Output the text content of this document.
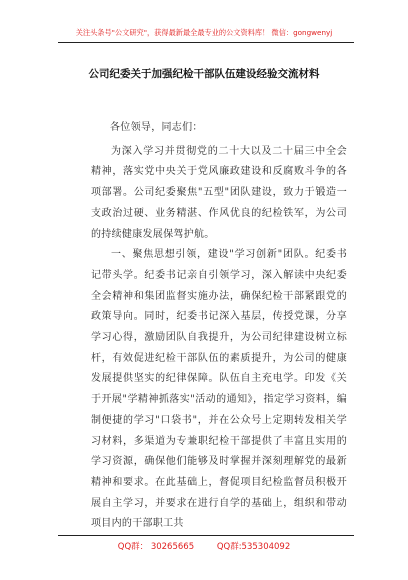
关注头条号"公文研究"，获得最新最全最专业的公文资料库！ 微信：gongwenyj
公司纪委关于加强纪检干部队伍建设经验交流材料

各位领导，同志们：

为深入学习并贯彻党的二十大以及二十届三中全会精神，落实党中央关于党风廉政建设和反腐败斗争的各项部署。公司纪委聚焦"五型"团队建设，致力于锻造一支政治过硬、业务精湛、作风优良的纪检铁军，为公司的持续健康发展保驾护航。

一、聚焦思想引领，建设"学习创新"团队。纪委书记带头学。纪委书记亲自引领学习，深入解读中央纪委全会精神和集团监督实施办法，确保纪检干部紧跟党的政策导向。同时，纪委书记深入基层，传授党课，分享学习心得，激励团队自我提升，为公司纪律建设树立标杆，有效促进纪检干部队伍的素质提升，为公司的健康发展提供坚实的纪律保障。队伍自主充电学。印发《关于开展"学精神抓落实"活动的通知》，指定学习资料，编制便捷的学习"口袋书"，并在公众号上定期转发相关学习材料，多渠道为专兼职纪检干部提供了丰富且实用的学习资源，确保他们能够及时掌握并深刻理解党的最新精神和要求。在此基础上，督促项目纪检监督员积极开展自主学习，并要求在进行自学的基础上，组织和带动项目内的干部职工共

QQ群： 30265665	QQ群:535304092
